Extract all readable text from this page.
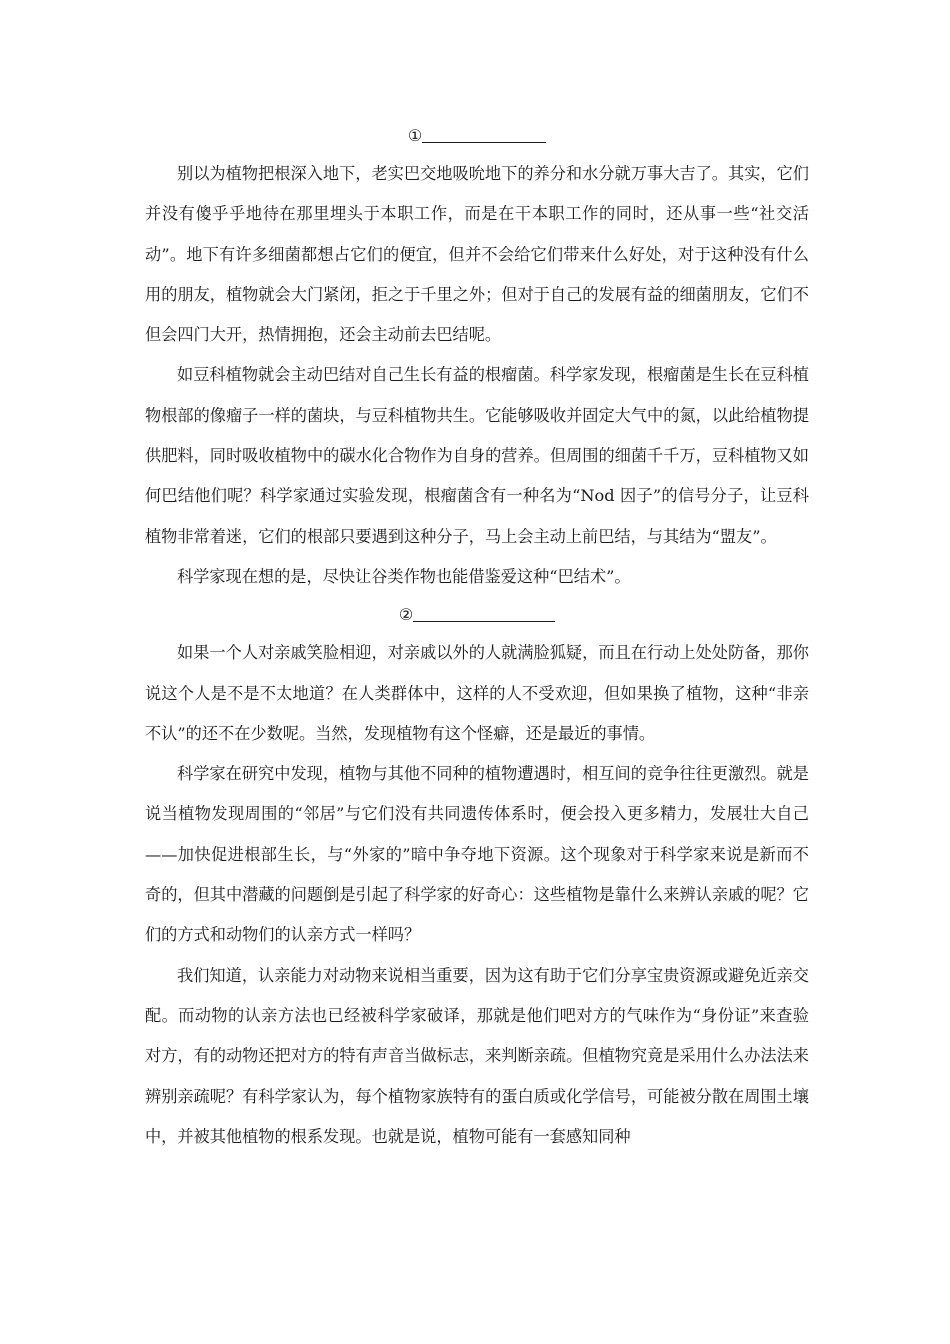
①

别以为植物把根深入地下，老实巴交地吸吮地下的养分和水分就万事大吉了。其实，它们并没有傻乎乎地待在那里埋头于本职工作，而是在干本职工作的同时，还从事一些“社交活动”。地下有许多细菌都想占它们的便宜，但并不会给它们带来什么好处，对于这种没有什么用的朋友，植物就会大门紧闭，拒之于千里之外；但对于自己的发展有益的细菌朋友，它们不但会四门大开，热情拥抱，还会主动前去巴结呢。

如豆科植物就会主动巴结对自己生长有益的根瘤菌。科学家发现，根瘤菌是生长在豆科植物根部的像瘤子一样的菌块，与豆科植物共生。它能够吸收并固定大气中的氮，以此给植物提供肥料，同时吸收植物中的碳水化合物作为自身的营养。但周围的细菌千千万，豆科植物又如何巴结他们呢？科学家通过实验发现，根瘤菌含有一种名为“Nod 因子”的信号分子，让豆科植物非常着迷，它们的根部只要遇到这种分子，马上会主动上前巴结，与其结为“盟友”。

科学家现在想的是，尽快让谷类作物也能借鉴爱这种“巴结术”。

②

如果一个人对亲戚笑脸相迎，对亲戚以外的人就满脸狐疑，而且在行动上处处防备，那你说这个人是不是不太地道？在人类群体中，这样的人不受欢迎，但如果换了植物，这种“非亲不认”的还不在少数呢。当然，发现植物有这个怪癖，还是最近的事情。

科学家在研究中发现，植物与其他不同种的植物遭遇时，相互间的竞争往往更激烈。就是说当植物发现周围的“邻居”与它们没有共同遗传体系时，便会投入更多精力，发展壮大自己——加快促进根部生长，与“外家的”暗中争夺地下资源。这个现象对于科学家来说是新而不奇的，但其中潜藏的问题倒是引起了科学家的好奇心：这些植物是靠什么来辨认亲戚的呢？它们的方式和动物们的认亲方式一样吗？

我们知道，认亲能力对动物来说相当重要，因为这有助于它们分享宝贵资源或避免近亲交配。而动物的认亲方法也已经被科学家破译，那就是他们吧对方的气味作为“身份证”来查验对方，有的动物还把对方的特有声音当做标志，来判断亲疏。但植物究竟是采用什么办法法来辨别亲疏呢？有科学家认为，每个植物家族特有的蛋白质或化学信号，可能被分散在周围土壤中，并被其他植物的根系发现。也就是说，植物可能有一套感知同种
